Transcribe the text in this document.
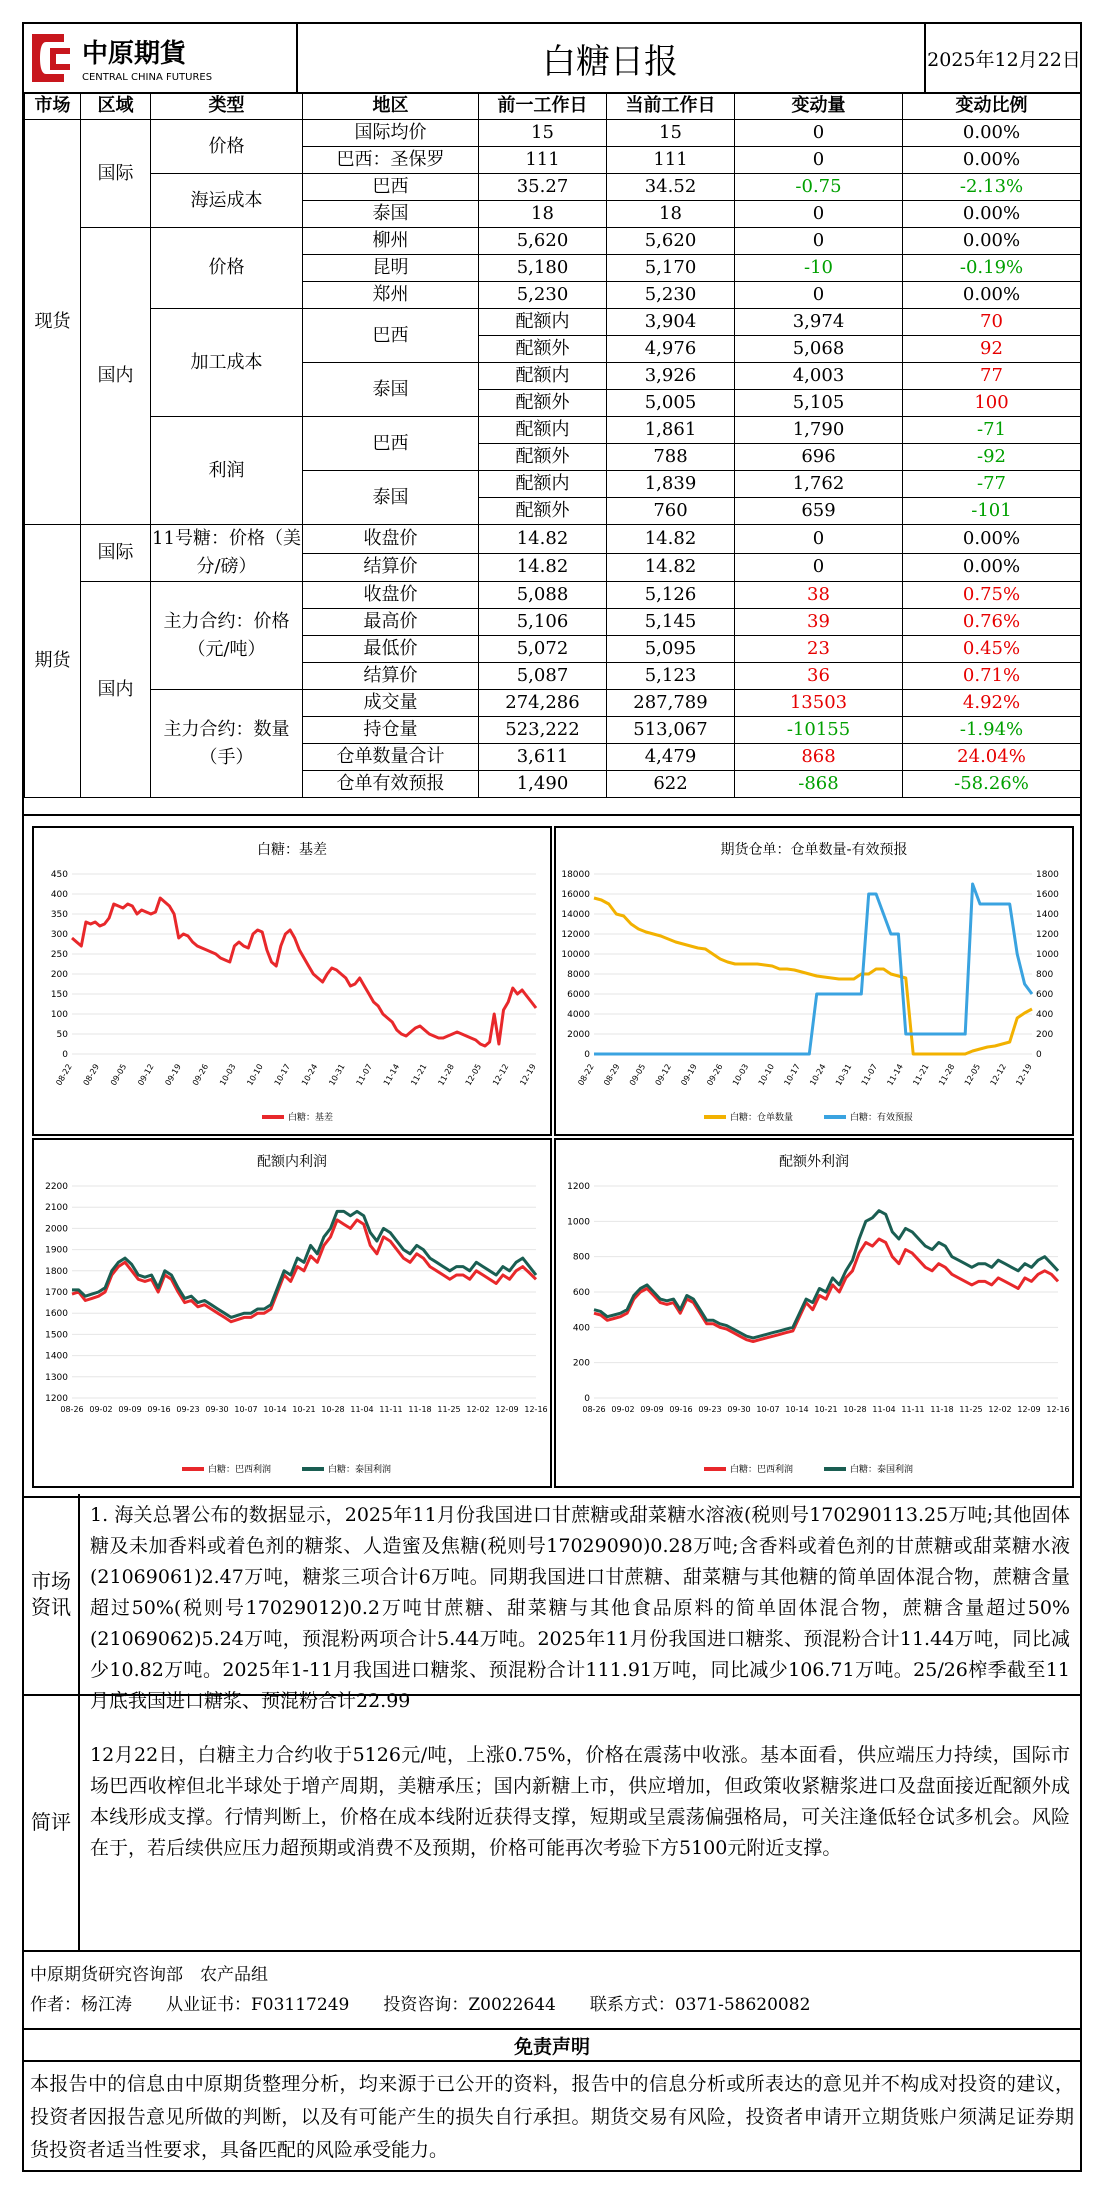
中原期貨
CENTRAL CHINA FUTURES	白糖日报	2025年12月22日
市场	区域	类型	地区	前一工作日	当前工作日	变动量	变动比例	
现货	国际	价格	国际均价	15	15	0	0.00%	
			巴西：圣保罗	111	111	0	0.00%	
		海运成本	巴西	35.27	34.52	-0.75	-2.13%	
			泰国	18	18	0	0.00%	
	国内	价格	柳州	5,620	5,620	0	0.00%	
			昆明	5,180	5,170	-10	-0.19%	
			郑州	5,230	5,230	0	0.00%	
		加工成本	巴西	配额内	3,904	3,974	70	
				配额外	4,976	5,068	92	
			泰国	配额内	3,926	4,003	77	
				配额外	5,005	5,105	100	
		利润	巴西	配额内	1,861	1,790	-71	
				配额外	788	696	-92	
			泰国	配额内	1,839	1,762	-77	
				配额外	760	659	-101	
期货	国际	11号糖：价格（美分/磅）	收盘价	14.82	14.82	0	0.00%	
			结算价	14.82	14.82	0	0.00%	
	国内	主力合约：价格（元/吨）	收盘价	5,088	5,126	38	0.75%	
			最高价	5,106	5,145	39	0.76%	
			最低价	5,072	5,095	23	0.45%	
			结算价	5,087	5,123	36	0.71%	
		主力合约：数量（手）	成交量	274,286	287,789	13503	4.92%	
			持仓量	523,222	513,067	-10155	-1.94%	
			仓单数量合计	3,611	4,479	868	24.04%	
			仓单有效预报	1,490	622	-868	-58.26%	
白糖：基差
0
50
100
150
200
250
300
350
400
450
08-22 08-29 09-05 09-12 09-19 09-26 10-03 10-10 10-17 10-24 10-31 11-07 11-14 11-21 11-28 12-05 12-12 12-19
白糖：基差
期货仓单：仓单数量-有效预报
0
2000
4000
6000
8000
10000
12000
14000
16000
18000
0
200
400
600
800
1000
1200
1400
1600
1800
08-22 08-29 09-05 09-12 09-19 09-26 10-03 10-10 10-17 10-24 10-31 11-07 11-14 11-21 11-28 12-05 12-12 12-19
白糖：仓单数量	白糖：有效预报
配额内利润
1200
1300
1400
1500
1600
1700
1800
1900
2000
2100
2200
08-26 09-02 09-09 09-16 09-23 09-30 10-07 10-14 10-21 10-28 11-04 11-11 11-18 11-25 12-02 12-09 12-16
白糖：巴西利润	白糖：泰国利润
配额外利润
0
200
400
600
800
1000
1200
08-26 09-02 09-09 09-16 09-23 09-30 10-07 10-14 10-21 10-28 11-04 11-11 11-18 11-25 12-02 12-09 12-16
白糖：巴西利润	白糖：泰国利润
市场资讯
1. 海关总署公布的数据显示，2025年11月份我国进口甘蔗糖或甜菜糖水溶液(税则号170290113.25万吨;其他固体糖及未加香料或着色剂的糖浆、人造蜜及焦糖(税则号17029090)0.28万吨;含香料或着色剂的甘蔗糖或甜菜糖水液(21069061)2.47万吨，糖浆三项合计6万吨。同期我国进口甘蔗糖、甜菜糖与其他糖的简单固体混合物，蔗糖含量超过50%(税则号17029012)0.2万吨甘蔗糖、甜菜糖与其他食品原料的简单固体混合物，蔗糖含量超过50%(21069062)5.24万吨，预混粉两项合计5.44万吨。2025年11月份我国进口糖浆、预混粉合计11.44万吨，同比减少10.82万吨。2025年1-11月我国进口糖浆、预混粉合计111.91万吨，同比减少106.71万吨。25/26榨季截至11月底我国进口糖浆、预混粉合计22.99
简评
12月22日，白糖主力合约收于5126元/吨，上涨0.75%，价格在震荡中收涨。基本面看，供应端压力持续，国际市场巴西收榨但北半球处于增产周期，美糖承压；国内新糖上市，供应增加，但政策收紧糖浆进口及盘面接近配额外成本线形成支撑。行情判断上，价格在成本线附近获得支撑，短期或呈震荡偏强格局，可关注逢低轻仓试多机会。风险在于，若后续供应压力超预期或消费不及预期，价格可能再次考验下方5100元附近支撑。
中原期货研究咨询部　农产品组
作者：杨江涛　　从业证书：F03117249　　投资咨询：Z0022644　　联系方式：0371-58620082
免责声明
本报告中的信息由中原期货整理分析，均来源于已公开的资料，报告中的信息分析或所表达的意见并不构成对投资的建议，投资者因报告意见所做的判断，以及有可能产生的损失自行承担。期货交易有风险，投资者申请开立期货账户须满足证券期货投资者适当性要求，具备匹配的风险承受能力。
